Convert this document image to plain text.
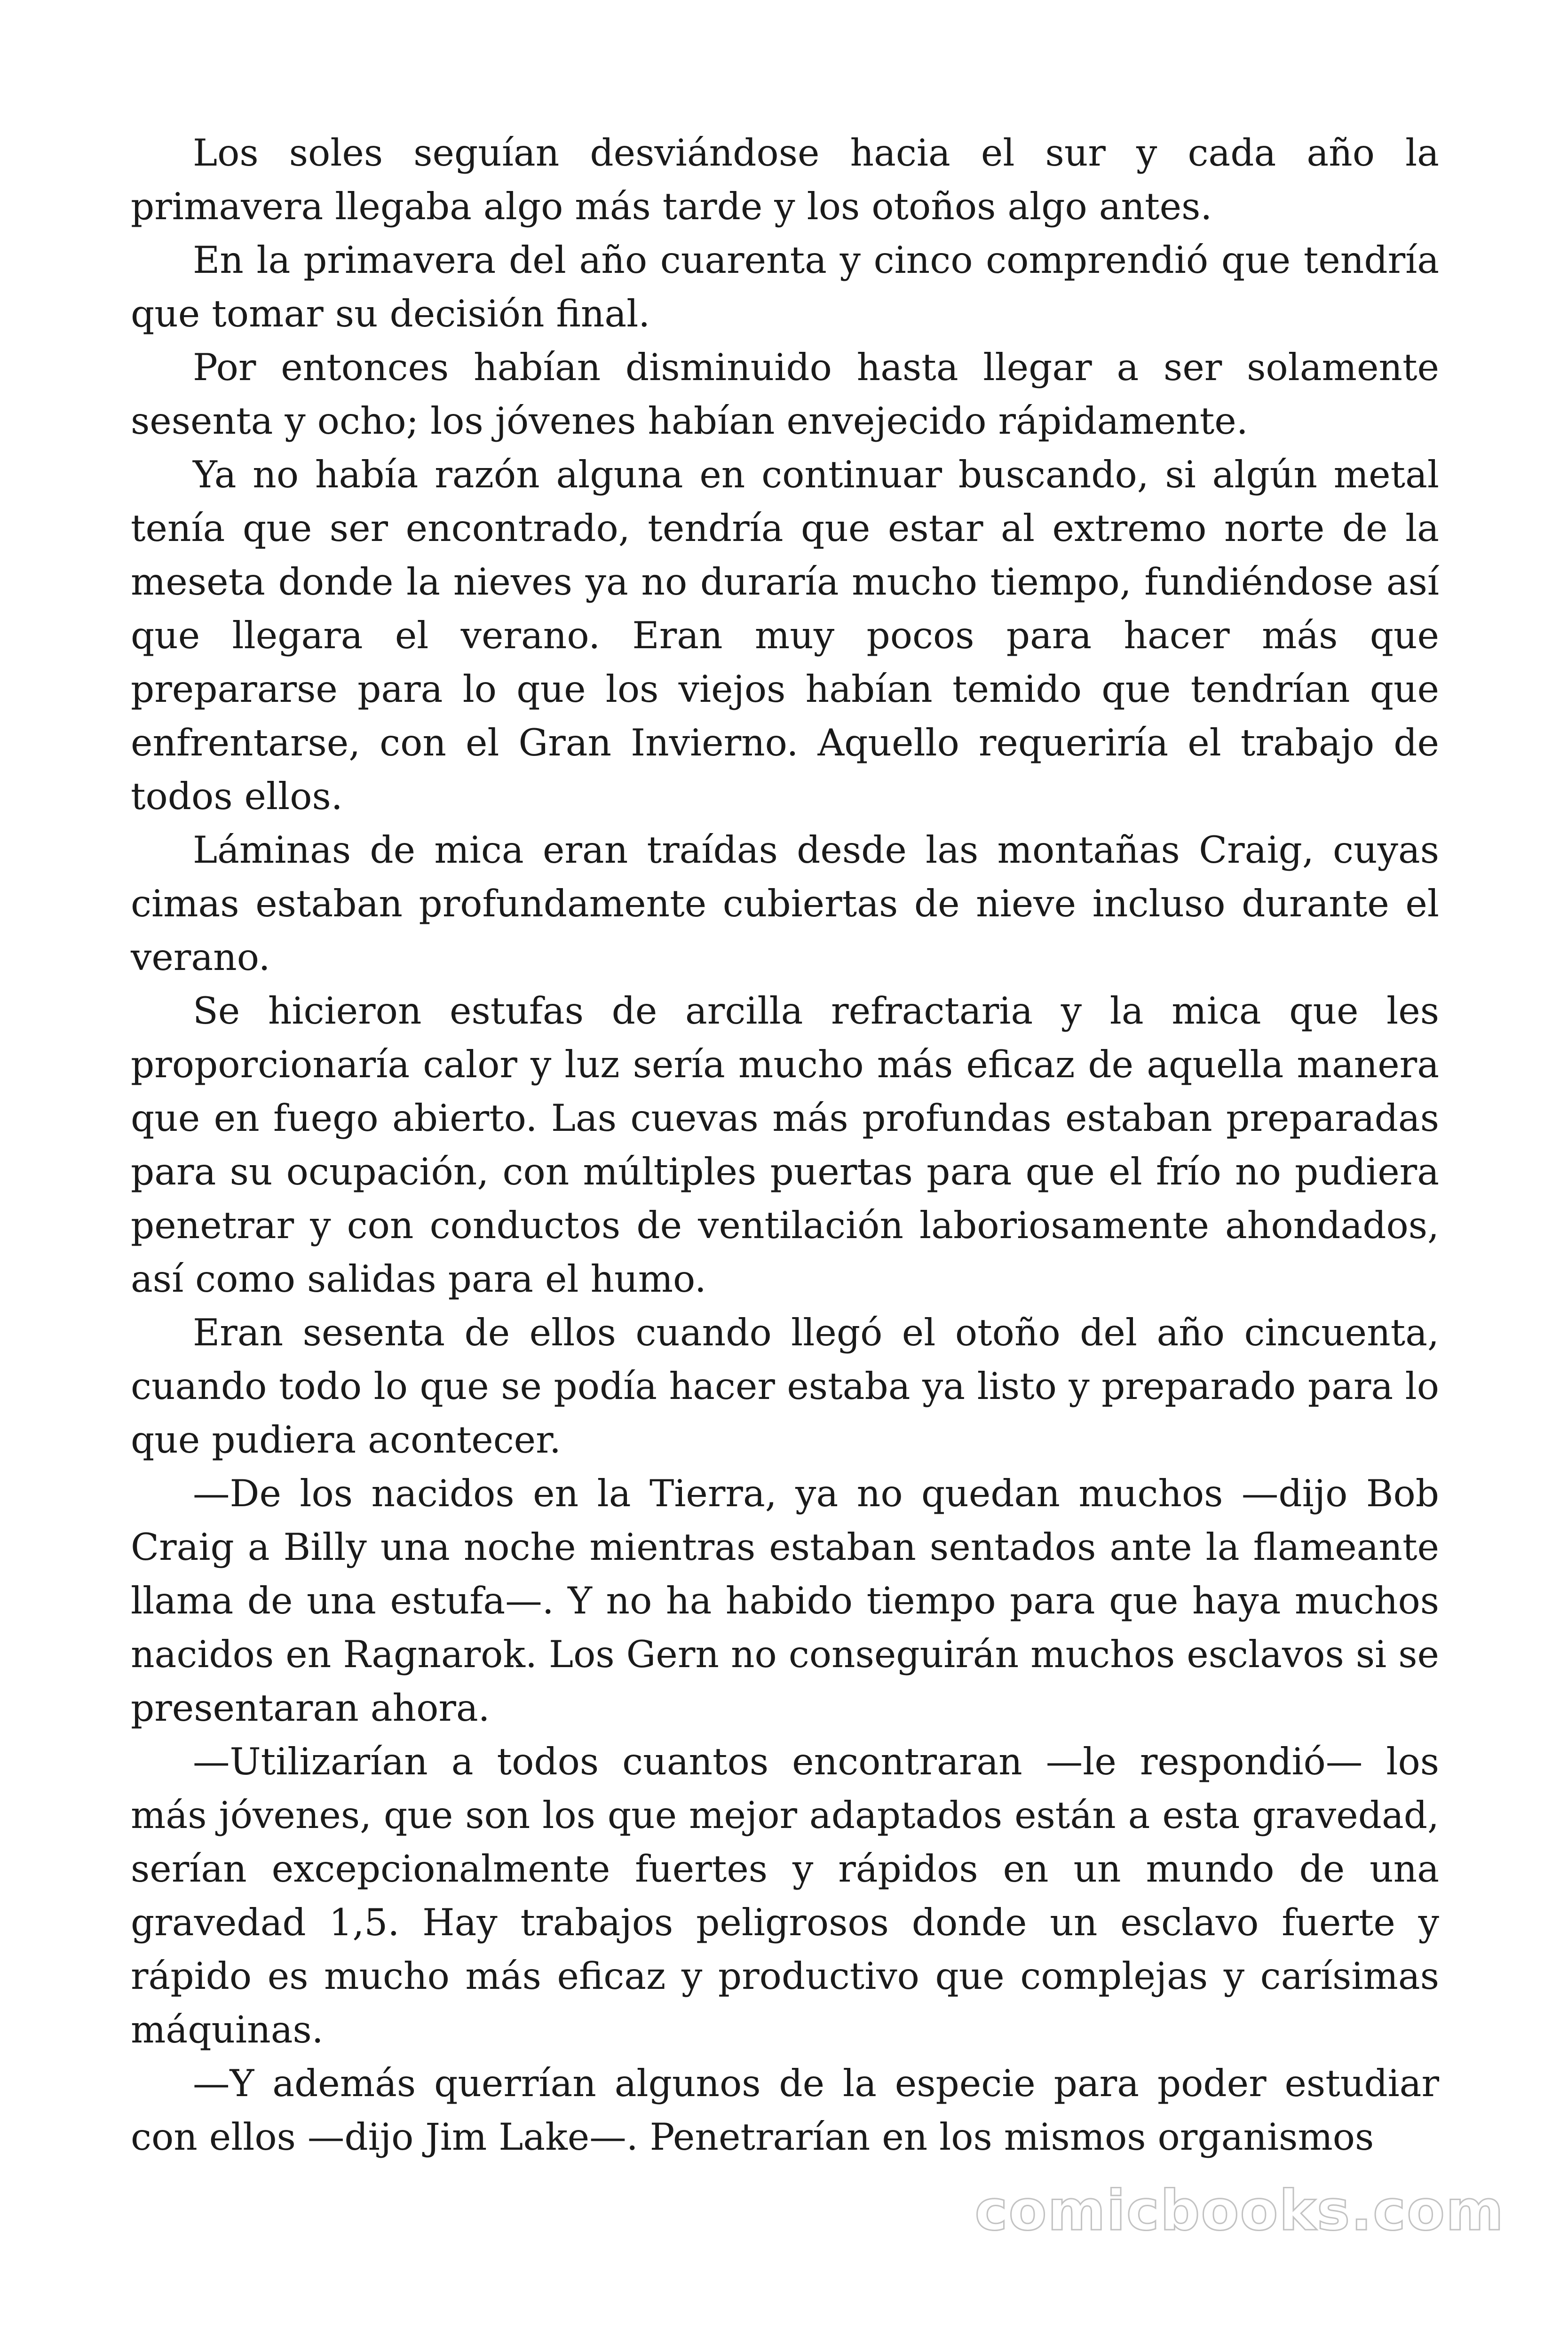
Los soles seguían desviándose hacia el sur y cada año la primavera llegaba algo más tarde y los otoños algo antes.

En la primavera del año cuarenta y cinco comprendió que tendría que tomar su decisión final.

Por entonces habían disminuido hasta llegar a ser solamente sesenta y ocho; los jóvenes habían envejecido rápidamente.

Ya no había razón alguna en continuar buscando, si algún metal tenía que ser encontrado, tendría que estar al extremo norte de la meseta donde la nieves ya no duraría mucho tiempo, fundiéndose así que llegara el verano. Eran muy pocos para hacer más que prepararse para lo que los viejos habían temido que tendrían que enfrentarse, con el Gran Invierno. Aquello requeriría el trabajo de todos ellos.

Láminas de mica eran traídas desde las montañas Craig, cuyas cimas estaban profundamente cubiertas de nieve incluso durante el verano.

Se hicieron estufas de arcilla refractaria y la mica que les proporcionaría calor y luz sería mucho más eficaz de aquella manera que en fuego abierto. Las cuevas más profundas estaban preparadas para su ocupación, con múltiples puertas para que el frío no pudiera penetrar y con conductos de ventilación laboriosamente ahondados, así como salidas para el humo.

Eran sesenta de ellos cuando llegó el otoño del año cincuenta, cuando todo lo que se podía hacer estaba ya listo y preparado para lo que pudiera acontecer.

—De los nacidos en la Tierra, ya no quedan muchos —dijo Bob Craig a Billy una noche mientras estaban sentados ante la flameante llama de una estufa—. Y no ha habido tiempo para que haya muchos nacidos en Ragnarok. Los Gern no conseguirán muchos esclavos si se presentaran ahora.

—Utilizarían a todos cuantos encontraran —le respondió— los más jóvenes, que son los que mejor adaptados están a esta gravedad, serían excepcionalmente fuertes y rápidos en un mundo de una gravedad 1,5. Hay trabajos peligrosos donde un esclavo fuerte y rápido es mucho más eficaz y productivo que complejas y carísimas máquinas.

—Y además querrían algunos de la especie para poder estudiar con ellos —dijo Jim Lake—. Penetrarían en los mismos organismos

comicbooks.com
